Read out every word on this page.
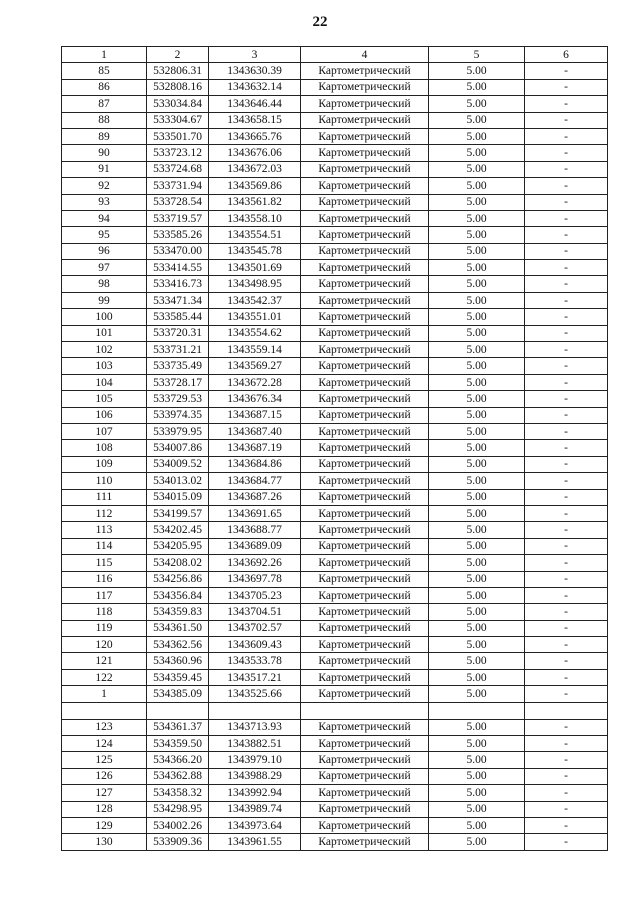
22
1	2	3	4	5	6
85	532806.31	1343630.39	Картометрический	5.00	-
86	532808.16	1343632.14	Картометрический	5.00	-
87	533034.84	1343646.44	Картометрический	5.00	-
88	533304.67	1343658.15	Картометрический	5.00	-
89	533501.70	1343665.76	Картометрический	5.00	-
90	533723.12	1343676.06	Картометрический	5.00	-
91	533724.68	1343672.03	Картометрический	5.00	-
92	533731.94	1343569.86	Картометрический	5.00	-
93	533728.54	1343561.82	Картометрический	5.00	-
94	533719.57	1343558.10	Картометрический	5.00	-
95	533585.26	1343554.51	Картометрический	5.00	-
96	533470.00	1343545.78	Картометрический	5.00	-
97	533414.55	1343501.69	Картометрический	5.00	-
98	533416.73	1343498.95	Картометрический	5.00	-
99	533471.34	1343542.37	Картометрический	5.00	-
100	533585.44	1343551.01	Картометрический	5.00	-
101	533720.31	1343554.62	Картометрический	5.00	-
102	533731.21	1343559.14	Картометрический	5.00	-
103	533735.49	1343569.27	Картометрический	5.00	-
104	533728.17	1343672.28	Картометрический	5.00	-
105	533729.53	1343676.34	Картометрический	5.00	-
106	533974.35	1343687.15	Картометрический	5.00	-
107	533979.95	1343687.40	Картометрический	5.00	-
108	534007.86	1343687.19	Картометрический	5.00	-
109	534009.52	1343684.86	Картометрический	5.00	-
110	534013.02	1343684.77	Картометрический	5.00	-
111	534015.09	1343687.26	Картометрический	5.00	-
112	534199.57	1343691.65	Картометрический	5.00	-
113	534202.45	1343688.77	Картометрический	5.00	-
114	534205.95	1343689.09	Картометрический	5.00	-
115	534208.02	1343692.26	Картометрический	5.00	-
116	534256.86	1343697.78	Картометрический	5.00	-
117	534356.84	1343705.23	Картометрический	5.00	-
118	534359.83	1343704.51	Картометрический	5.00	-
119	534361.50	1343702.57	Картометрический	5.00	-
120	534362.56	1343609.43	Картометрический	5.00	-
121	534360.96	1343533.78	Картометрический	5.00	-
122	534359.45	1343517.21	Картометрический	5.00	-
1	534385.09	1343525.66	Картометрический	5.00	-

123	534361.37	1343713.93	Картометрический	5.00	-
124	534359.50	1343882.51	Картометрический	5.00	-
125	534366.20	1343979.10	Картометрический	5.00	-
126	534362.88	1343988.29	Картометрический	5.00	-
127	534358.32	1343992.94	Картометрический	5.00	-
128	534298.95	1343989.74	Картометрический	5.00	-
129	534002.26	1343973.64	Картометрический	5.00	-
130	533909.36	1343961.55	Картометрический	5.00	-
